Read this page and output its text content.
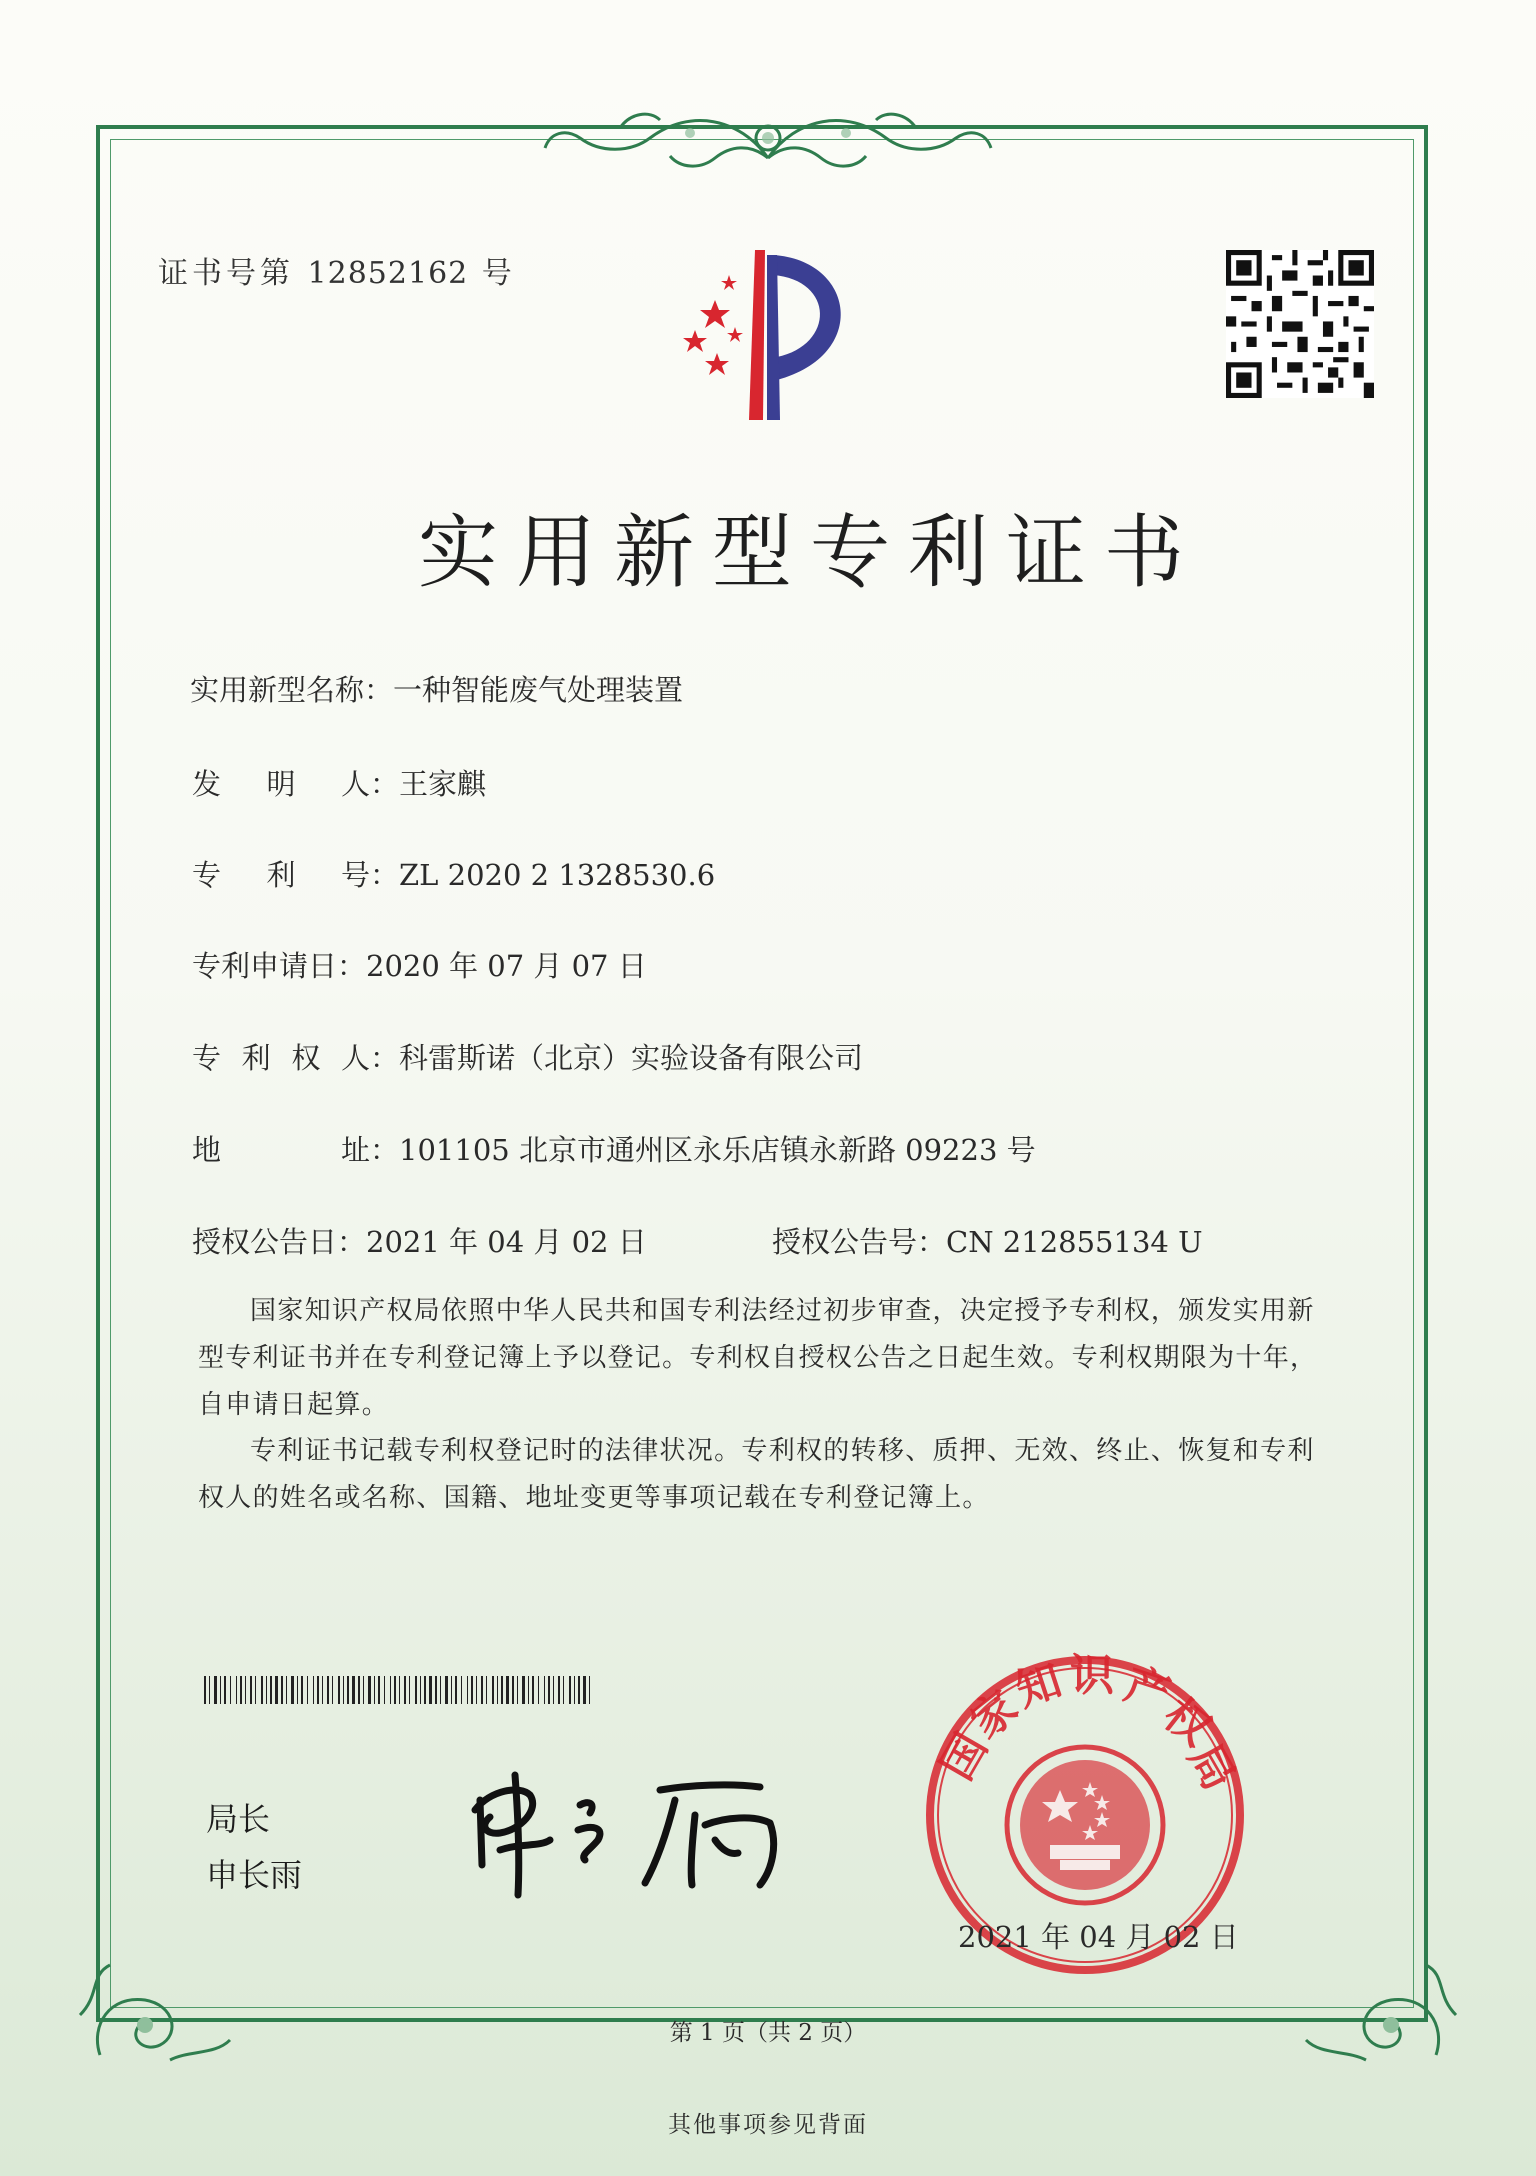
证书号第 12852162 号
实用新型专利证书
实用新型名称：一种智能废气处理装置
发 明 人 ：王家麒
专 利 号 ：ZL 2020 2 1328530.6
专利申请日：2020 年 07 月 07 日
专 利 权 人 ：科雷斯诺（北京）实验设备有限公司
地	址 ：101105 北京市通州区永乐店镇永新路 09223 号
授权公告日：2021 年 04 月 02 日	授权公告号：CN 212855134 U
国家知识产权局依照中华人民共和国专利法经过初步审查，决定授予专利权，颁发实用新型专利证书并在专利登记簿上予以登记。专利权自授权公告之日起生效。专利权期限为十年，自申请日起算。
专利证书记载专利权登记时的法律状况。专利权的转移、质押、无效、终止、恢复和专利权人的姓名或名称、国籍、地址变更等事项记载在专利登记簿上。
局长
申长雨
国
家
知 识 产
权
局
2021 年 04 月 02 日
第 1 页（共 2 页）
其他事项参见背面
